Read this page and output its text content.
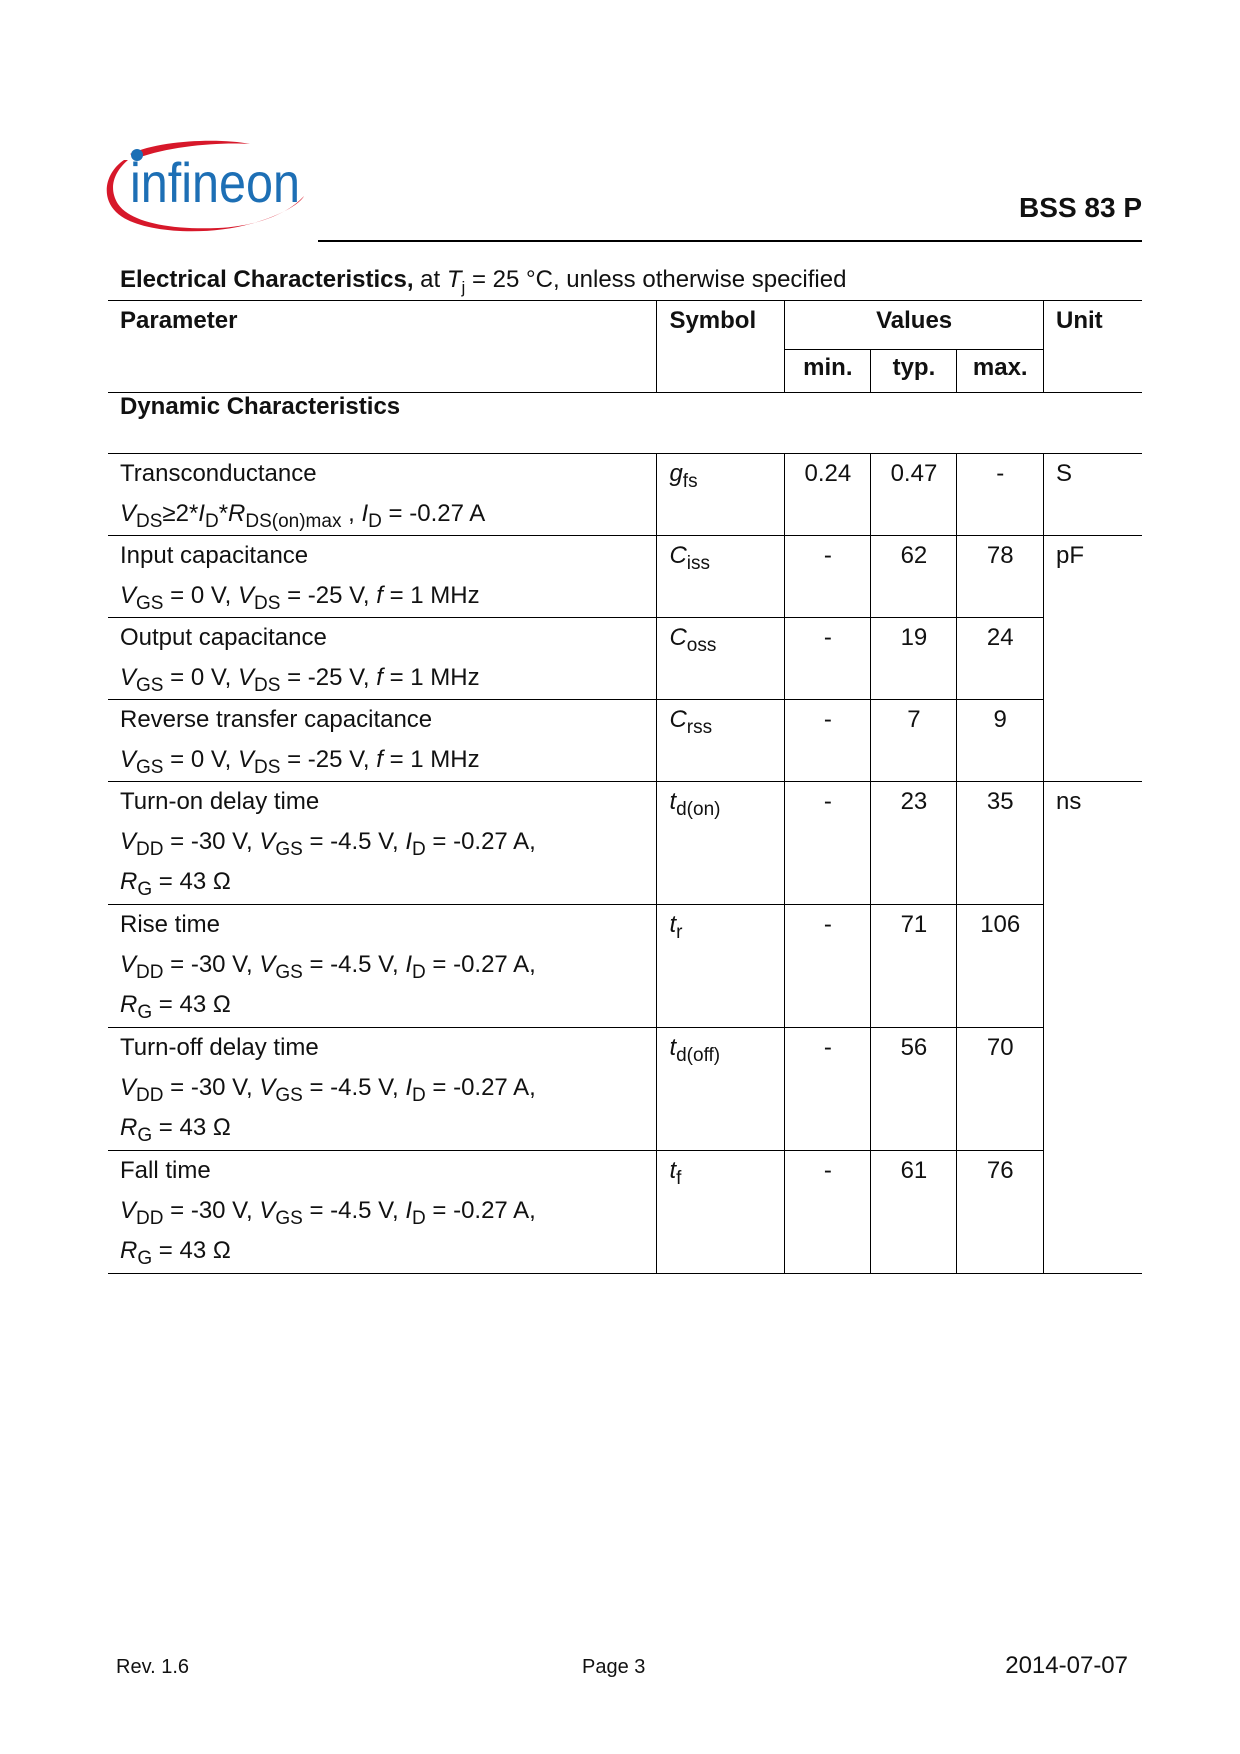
infineon	BSS 83 P
Electrical Characteristics, at $T_j = 25$ °C, unless otherwise specified
Parameter	Symbol	Values			Unit
		min.	typ.	max.	
Dynamic Characteristics					

Transconductance
$V_{DS}\ge 2*I_D*R_{DS(on)max}$ , $I_D = -0.27$ A	$g_{fs}$	0.24	0.47	-	S

Input capacitance
$V_{GS} = 0$ V, $V_{DS} = -25$ V, f = 1 MHz	$C_{iss}$	-	62	78	pF

Output capacitance
$V_{GS} = 0$ V, $V_{DS} = -25$ V, f = 1 MHz	$C_{oss}$	-	19	24	

Reverse transfer capacitance
$V_{GS} = 0$ V, $V_{DS} = -25$ V, f = 1 MHz	$C_{rss}$	-	7	9	

Turn-on delay time
$V_{DD} = -30$ V, $V_{GS} = -4.5$ V, $I_D = -0.27$ A,
$R_G = 43$ Ω	$t_{d(on)}$	-	23	35	ns

Rise time
$V_{DD} = -30$ V, $V_{GS} = -4.5$ V, $I_D = -0.27$ A,
$R_G = 43$ Ω	$t_r$	-	71	106	

Turn-off delay time
$V_{DD} = -30$ V, $V_{GS} = -4.5$ V, $I_D = -0.27$ A,
$R_G = 43$ Ω	$t_{d(off)}$	-	56	70	

Fall time
$V_{DD} = -30$ V, $V_{GS} = -4.5$ V, $I_D = -0.27$ A,
$R_G = 43$ Ω	$t_f$	-	61	76	
Rev. 1.6	Page 3	2014-07-07
